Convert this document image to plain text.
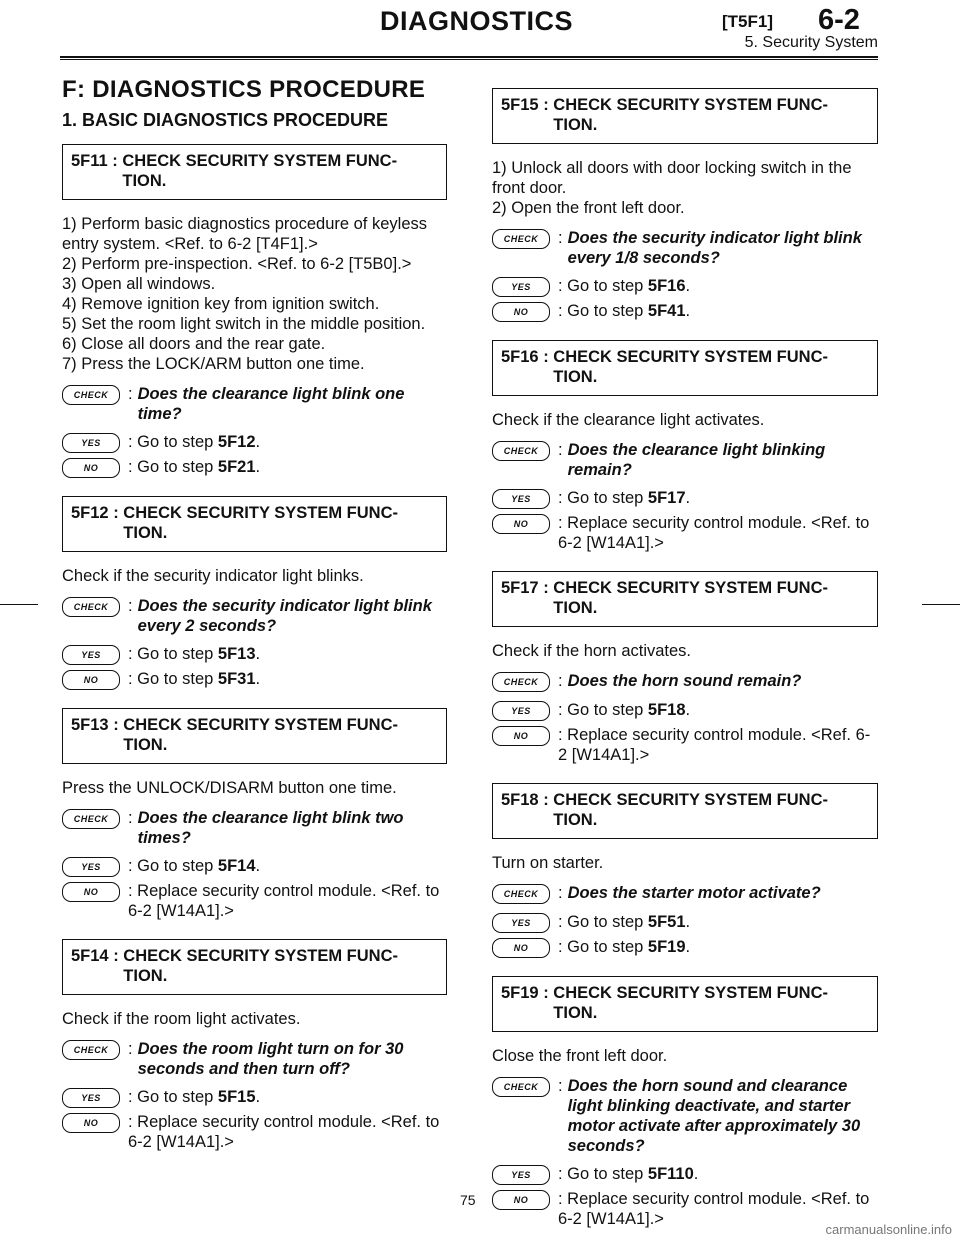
DIAGNOSTICS	[T5F1] 6-2
5. Security System
F: DIAGNOSTICS PROCEDURE
1. BASIC DIAGNOSTICS PROCEDURE
5F11 : CHECK SECURITY SYSTEM FUNC-TION.
1) Perform basic diagnostics procedure of keyless entry system. <Ref. to 6-2 [T4F1].>
2) Perform pre-inspection. <Ref. to 6-2 [T5B0].>
3) Open all windows.
4) Remove ignition key from ignition switch.
5) Set the room light switch in the middle position.
6) Close all doors and the rear gate.
7) Press the LOCK/ARM button one time.
CHECK	: Does the clearance light blink one time?
YES	: Go to step 5F12.
NO	: Go to step 5F21.
5F12 : CHECK SECURITY SYSTEM FUNC-TION.
Check if the security indicator light blinks.
CHECK	: Does the security indicator light blink every 2 seconds?
YES	: Go to step 5F13.
NO	: Go to step 5F31.
5F13 : CHECK SECURITY SYSTEM FUNC-TION.
Press the UNLOCK/DISARM button one time.
CHECK	: Does the clearance light blink two times?
YES	: Go to step 5F14.
NO	: Replace security control module. <Ref. to 6-2 [W14A1].>
5F14 : CHECK SECURITY SYSTEM FUNC-TION.
Check if the room light activates.
CHECK	: Does the room light turn on for 30 seconds and then turn off?
YES	: Go to step 5F15.
NO	: Replace security control module. <Ref. to 6-2 [W14A1].>
5F15 : CHECK SECURITY SYSTEM FUNC-TION.
1) Unlock all doors with door locking switch in the front door.
2) Open the front left door.
CHECK	: Does the security indicator light blink every 1/8 seconds?
YES	: Go to step 5F16.
NO	: Go to step 5F41.
5F16 : CHECK SECURITY SYSTEM FUNC-TION.
Check if the clearance light activates.
CHECK	: Does the clearance light blinking remain?
YES	: Go to step 5F17.
NO	: Replace security control module. <Ref. to 6-2 [W14A1].>
5F17 : CHECK SECURITY SYSTEM FUNC-TION.
Check if the horn activates.
CHECK	: Does the horn sound remain?
YES	: Go to step 5F18.
NO	: Replace security control module. <Ref. 6-2 [W14A1].>
5F18 : CHECK SECURITY SYSTEM FUNC-TION.
Turn on starter.
CHECK	: Does the starter motor activate?
YES	: Go to step 5F51.
NO	: Go to step 5F19.
5F19 : CHECK SECURITY SYSTEM FUNC-TION.
Close the front left door.
CHECK	: Does the horn sound and clearance light blinking deactivate, and starter motor activate after approximately 30 seconds?
YES	: Go to step 5F110.
NO	: Replace security control module. <Ref. to 6-2 [W14A1].>
75
carmanualsonline.info
